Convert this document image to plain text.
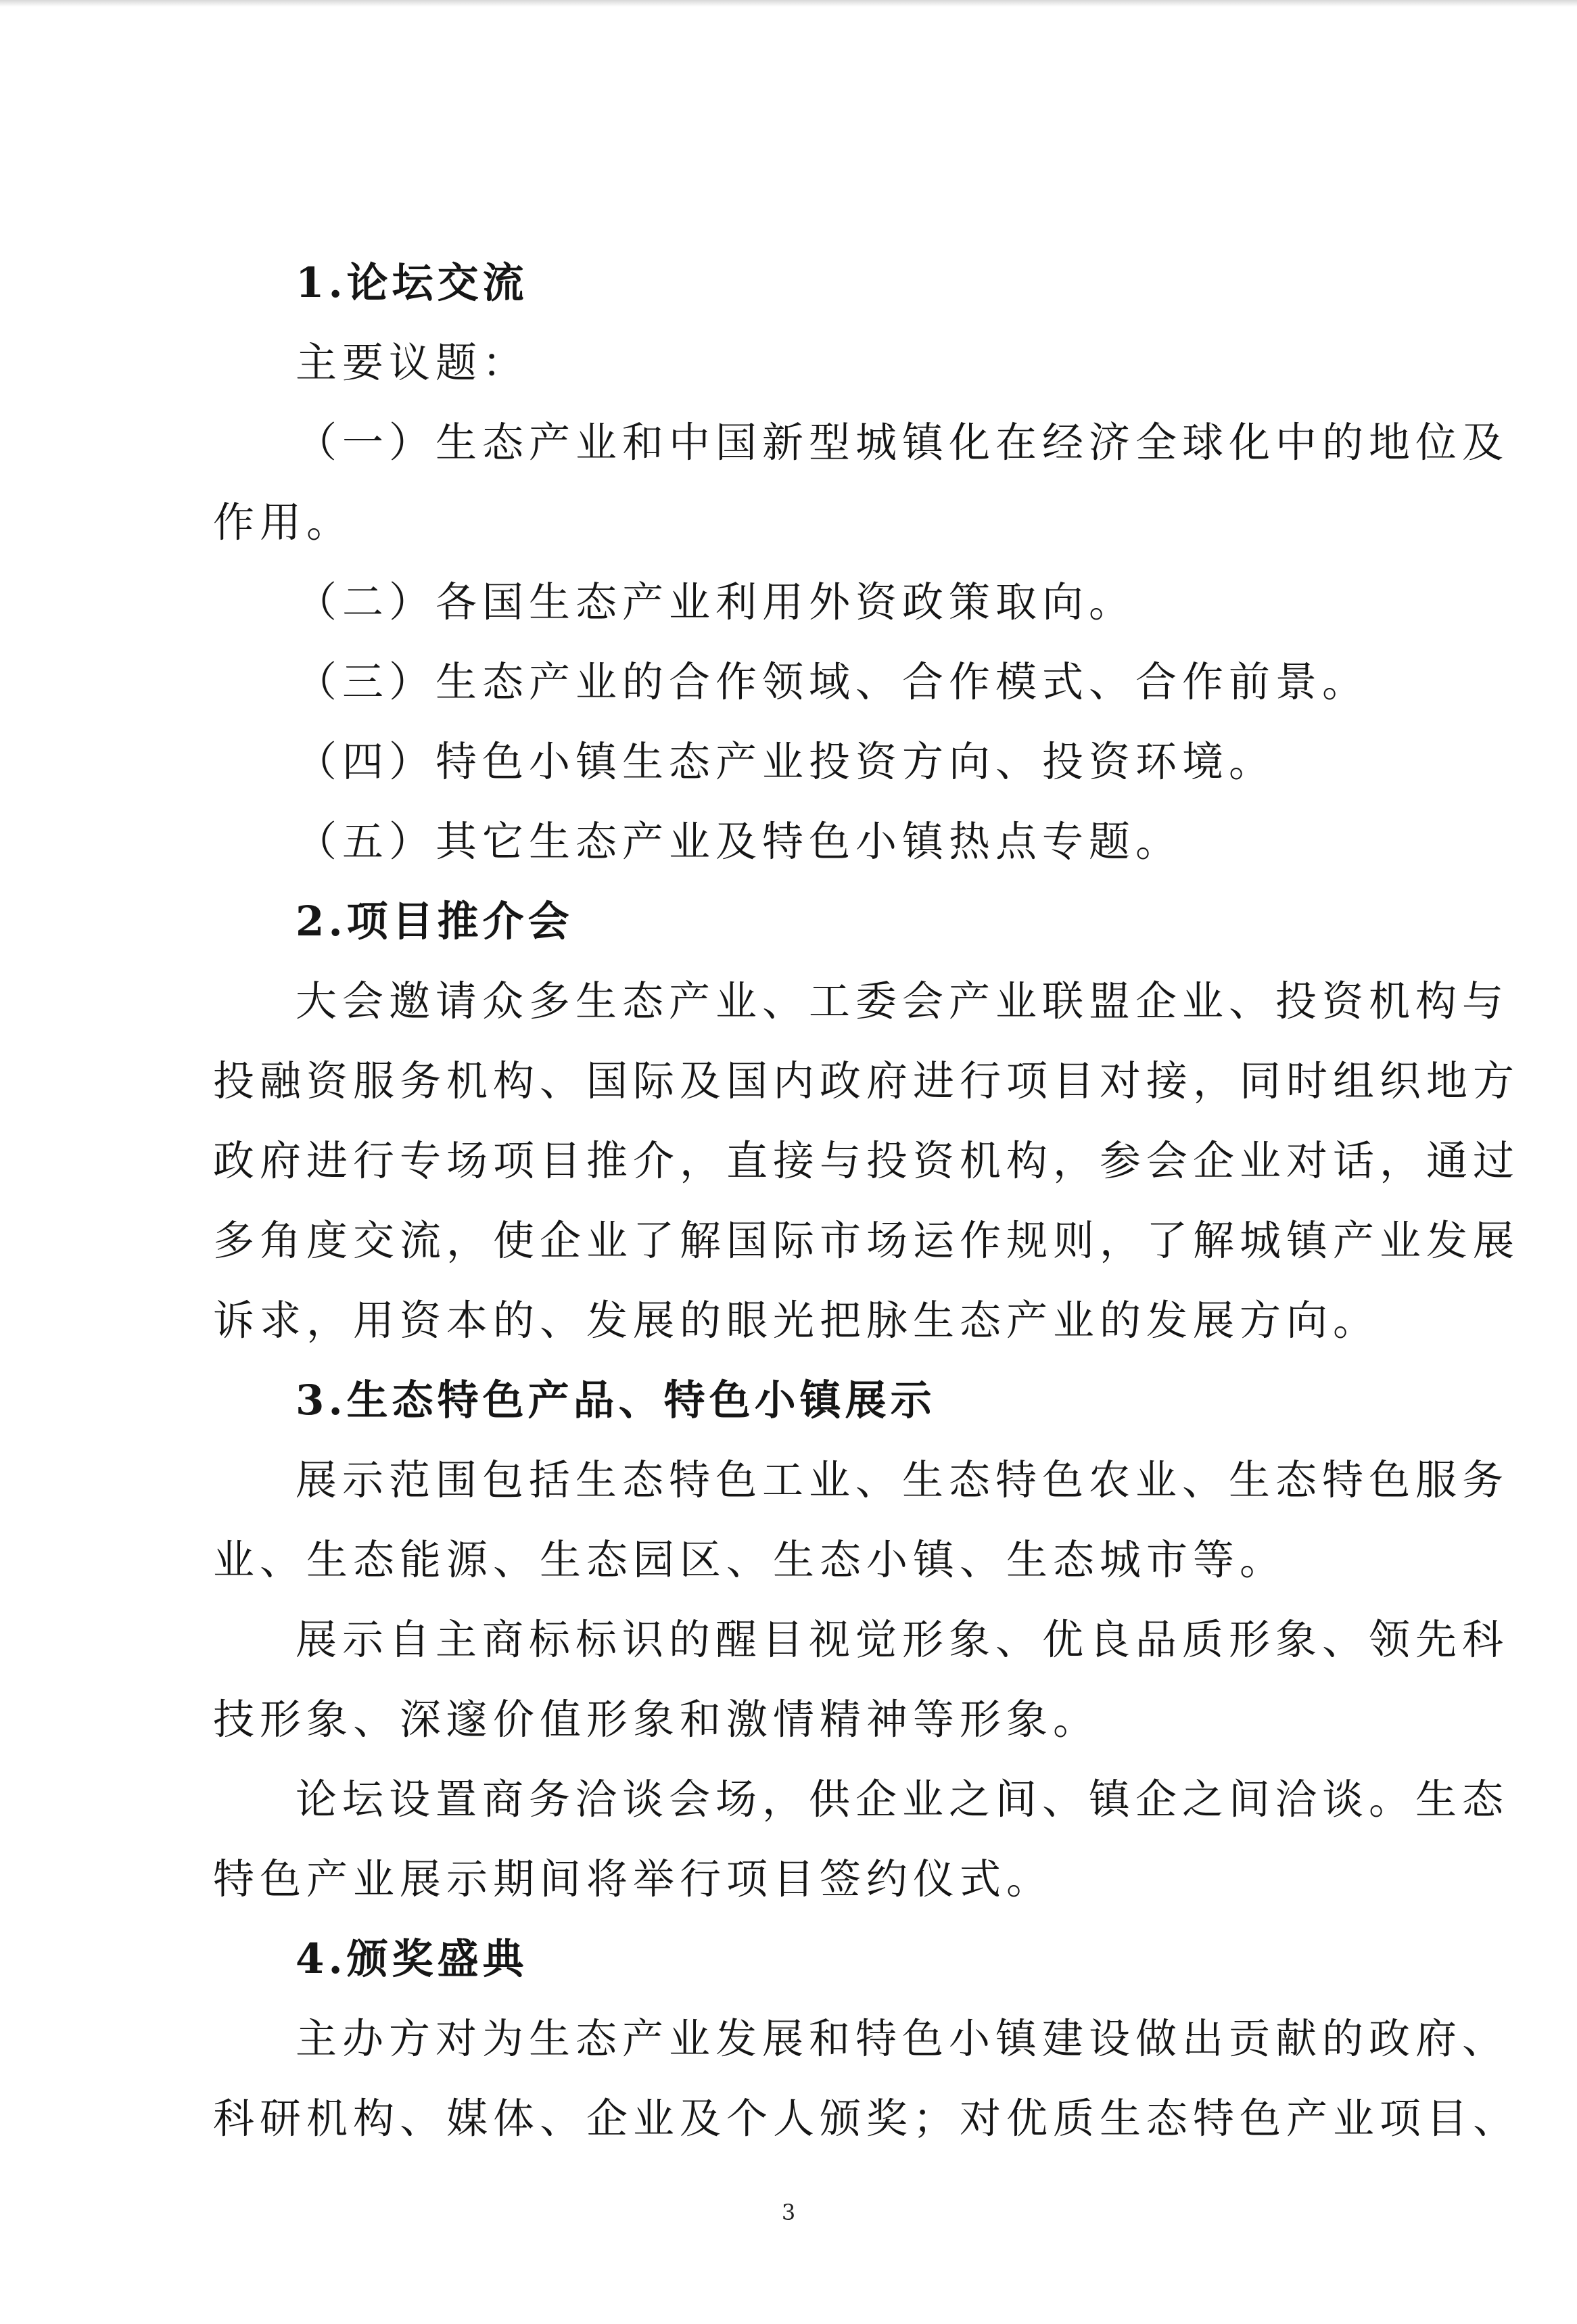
1.论坛交流

主要议题：

（一）生态产业和中国新型城镇化在经济全球化中的地位及

作用。

（二）各国生态产业利用外资政策取向。

（三）生态产业的合作领域、合作模式、合作前景。

（四）特色小镇生态产业投资方向、投资环境。

（五）其它生态产业及特色小镇热点专题。

2.项目推介会

大会邀请众多生态产业、工委会产业联盟企业、投资机构与

投融资服务机构、国际及国内政府进行项目对接，同时组织地方

政府进行专场项目推介，直接与投资机构，参会企业对话，通过

多角度交流，使企业了解国际市场运作规则，了解城镇产业发展

诉求，用资本的、发展的眼光把脉生态产业的发展方向。

3.生态特色产品、特色小镇展示

展示范围包括生态特色工业、生态特色农业、生态特色服务

业、生态能源、生态园区、生态小镇、生态城市等。

展示自主商标标识的醒目视觉形象、优良品质形象、领先科

技形象、深邃价值形象和激情精神等形象。

论坛设置商务洽谈会场，供企业之间、镇企之间洽谈。生态

特色产业展示期间将举行项目签约仪式。

4.颁奖盛典

主办方对为生态产业发展和特色小镇建设做出贡献的政府、

科研机构、媒体、企业及个人颁奖；对优质生态特色产业项目、

3
